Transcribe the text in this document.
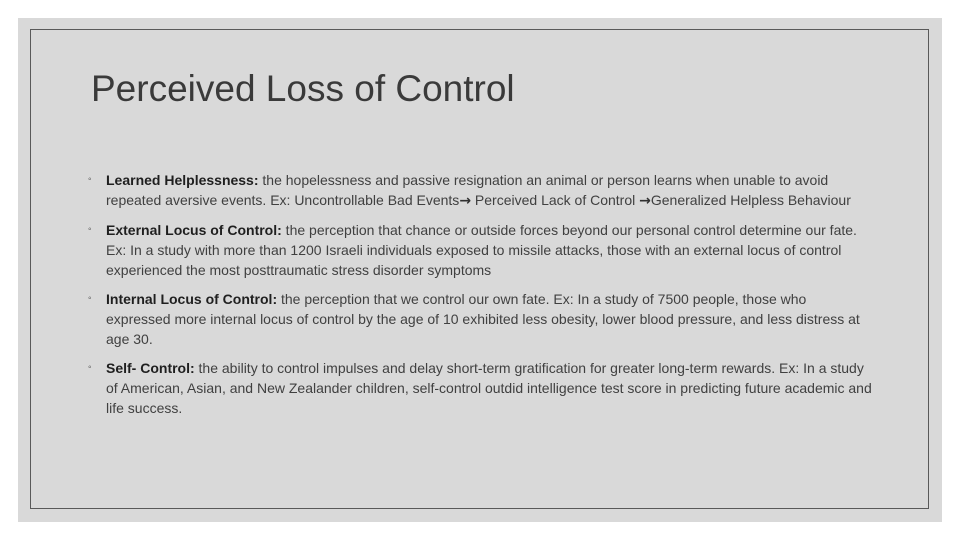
Perceived Loss of Control
◦ Learned Helplessness: the hopelessness and passive resignation an animal or person learns when unable to avoid repeated aversive events. Ex: Uncontrollable Bad Events→ Perceived Lack of Control →Generalized Helpless Behaviour
◦ External Locus of Control: the perception that chance or outside forces beyond our personal control determine our fate. Ex: In a study with more than 1200 Israeli individuals exposed to missile attacks, those with an external locus of control experienced the most posttraumatic stress disorder symptoms
◦ Internal Locus of Control: the perception that we control our own fate. Ex: In a study of 7500 people, those who expressed more internal locus of control by the age of 10 exhibited less obesity, lower blood pressure, and less distress at age 30.
◦ Self- Control: the ability to control impulses and delay short-term gratification for greater long-term rewards. Ex: In a study of American, Asian, and New Zealander children, self-control outdid intelligence test score in predicting future academic and life success.
